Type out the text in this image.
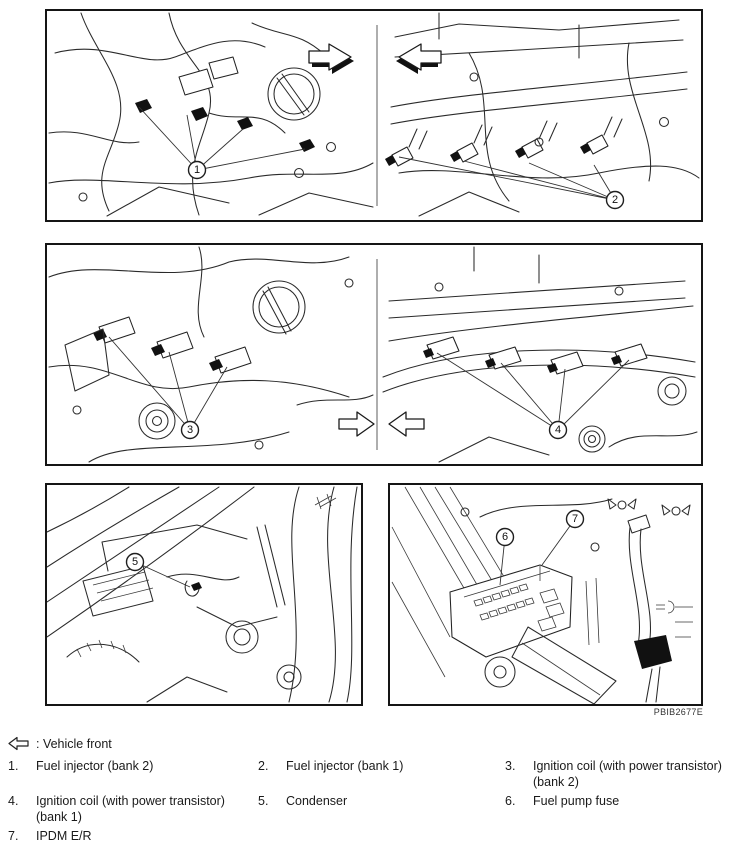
1
2
3	4
5
6
7
PBIB2677E
: Vehicle front
1.	Fuel injector (bank 2)	2.	Fuel injector (bank 1)	3.	Ignition coil (with power transistor)
(bank 2)
4.	Ignition coil (with power transistor)
(bank 1)
5.	Condenser	6.	Fuel pump fuse
7.	IPDM E/R
